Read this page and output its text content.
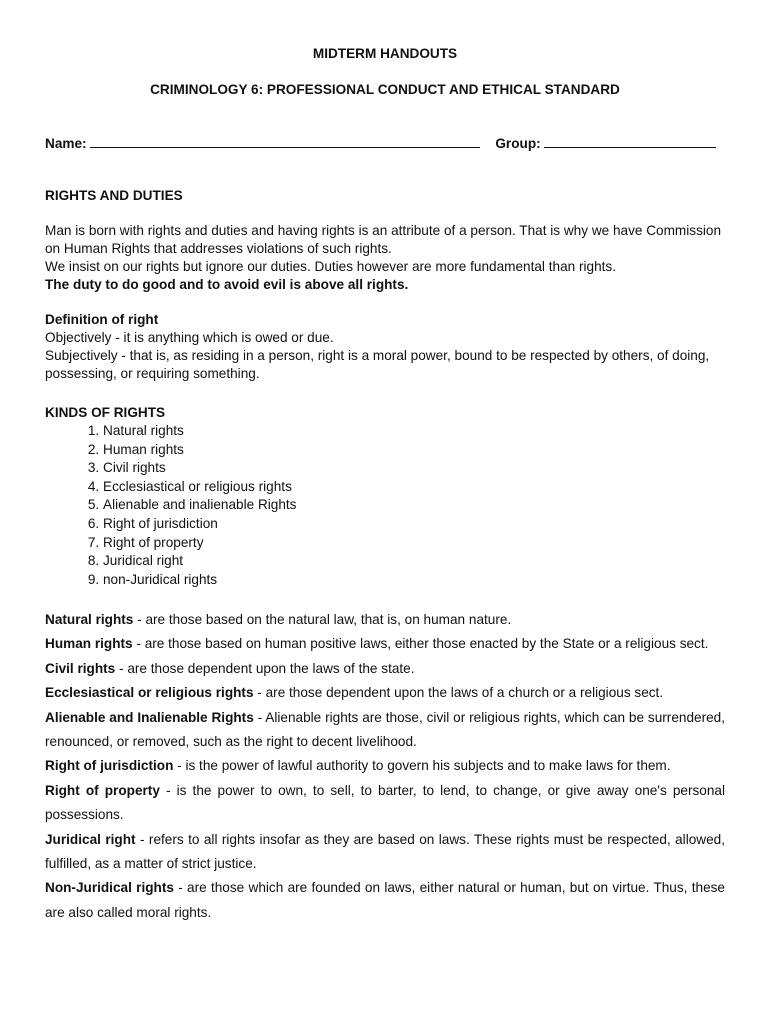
MIDTERM HANDOUTS
CRIMINOLOGY 6: PROFESSIONAL CONDUCT AND ETHICAL STANDARD
Name:	Group:
RIGHTS AND DUTIES
Man is born with rights and duties and having rights is an attribute of a person. That is why we have Commission
on Human Rights that addresses violations of such rights.
We insist on our rights but ignore our duties. Duties however are more fundamental than rights.
The duty to do good and to avoid evil is above all rights.
Definition of right
Objectively - it is anything which is owed or due.
Subjectively - that is, as residing in a person, right is a moral power, bound to be respected by others, of doing,
possessing, or requiring something.
KINDS OF RIGHTS
1. Natural rights
2. Human rights
3. Civil rights
4. Ecclesiastical or religious rights
5. Alienable and inalienable Rights
6. Right of jurisdiction
7. Right of property
8. Juridical right
9. non-Juridical rights

Natural rights - are those based on the natural law, that is, on human nature.

Human rights - are those based on human positive laws, either those enacted by the State or a religious sect.

Civil rights - are those dependent upon the laws of the state.

Ecclesiastical or religious rights - are those dependent upon the laws of a church or a religious sect.

Alienable and Inalienable Rights - Alienable rights are those, civil or religious rights, which can be surrendered, renounced, or removed, such as the right to decent livelihood.

Right of jurisdiction - is the power of lawful authority to govern his subjects and to make laws for them.

Right of property - is the power to own, to sell, to barter, to lend, to change, or give away one's personal possessions.

Juridical right - refers to all rights insofar as they are based on laws. These rights must be respected, allowed, fulfilled, as a matter of strict justice.

Non-Juridical rights - are those which are founded on laws, either natural or human, but on virtue. Thus, these are also called moral rights.
